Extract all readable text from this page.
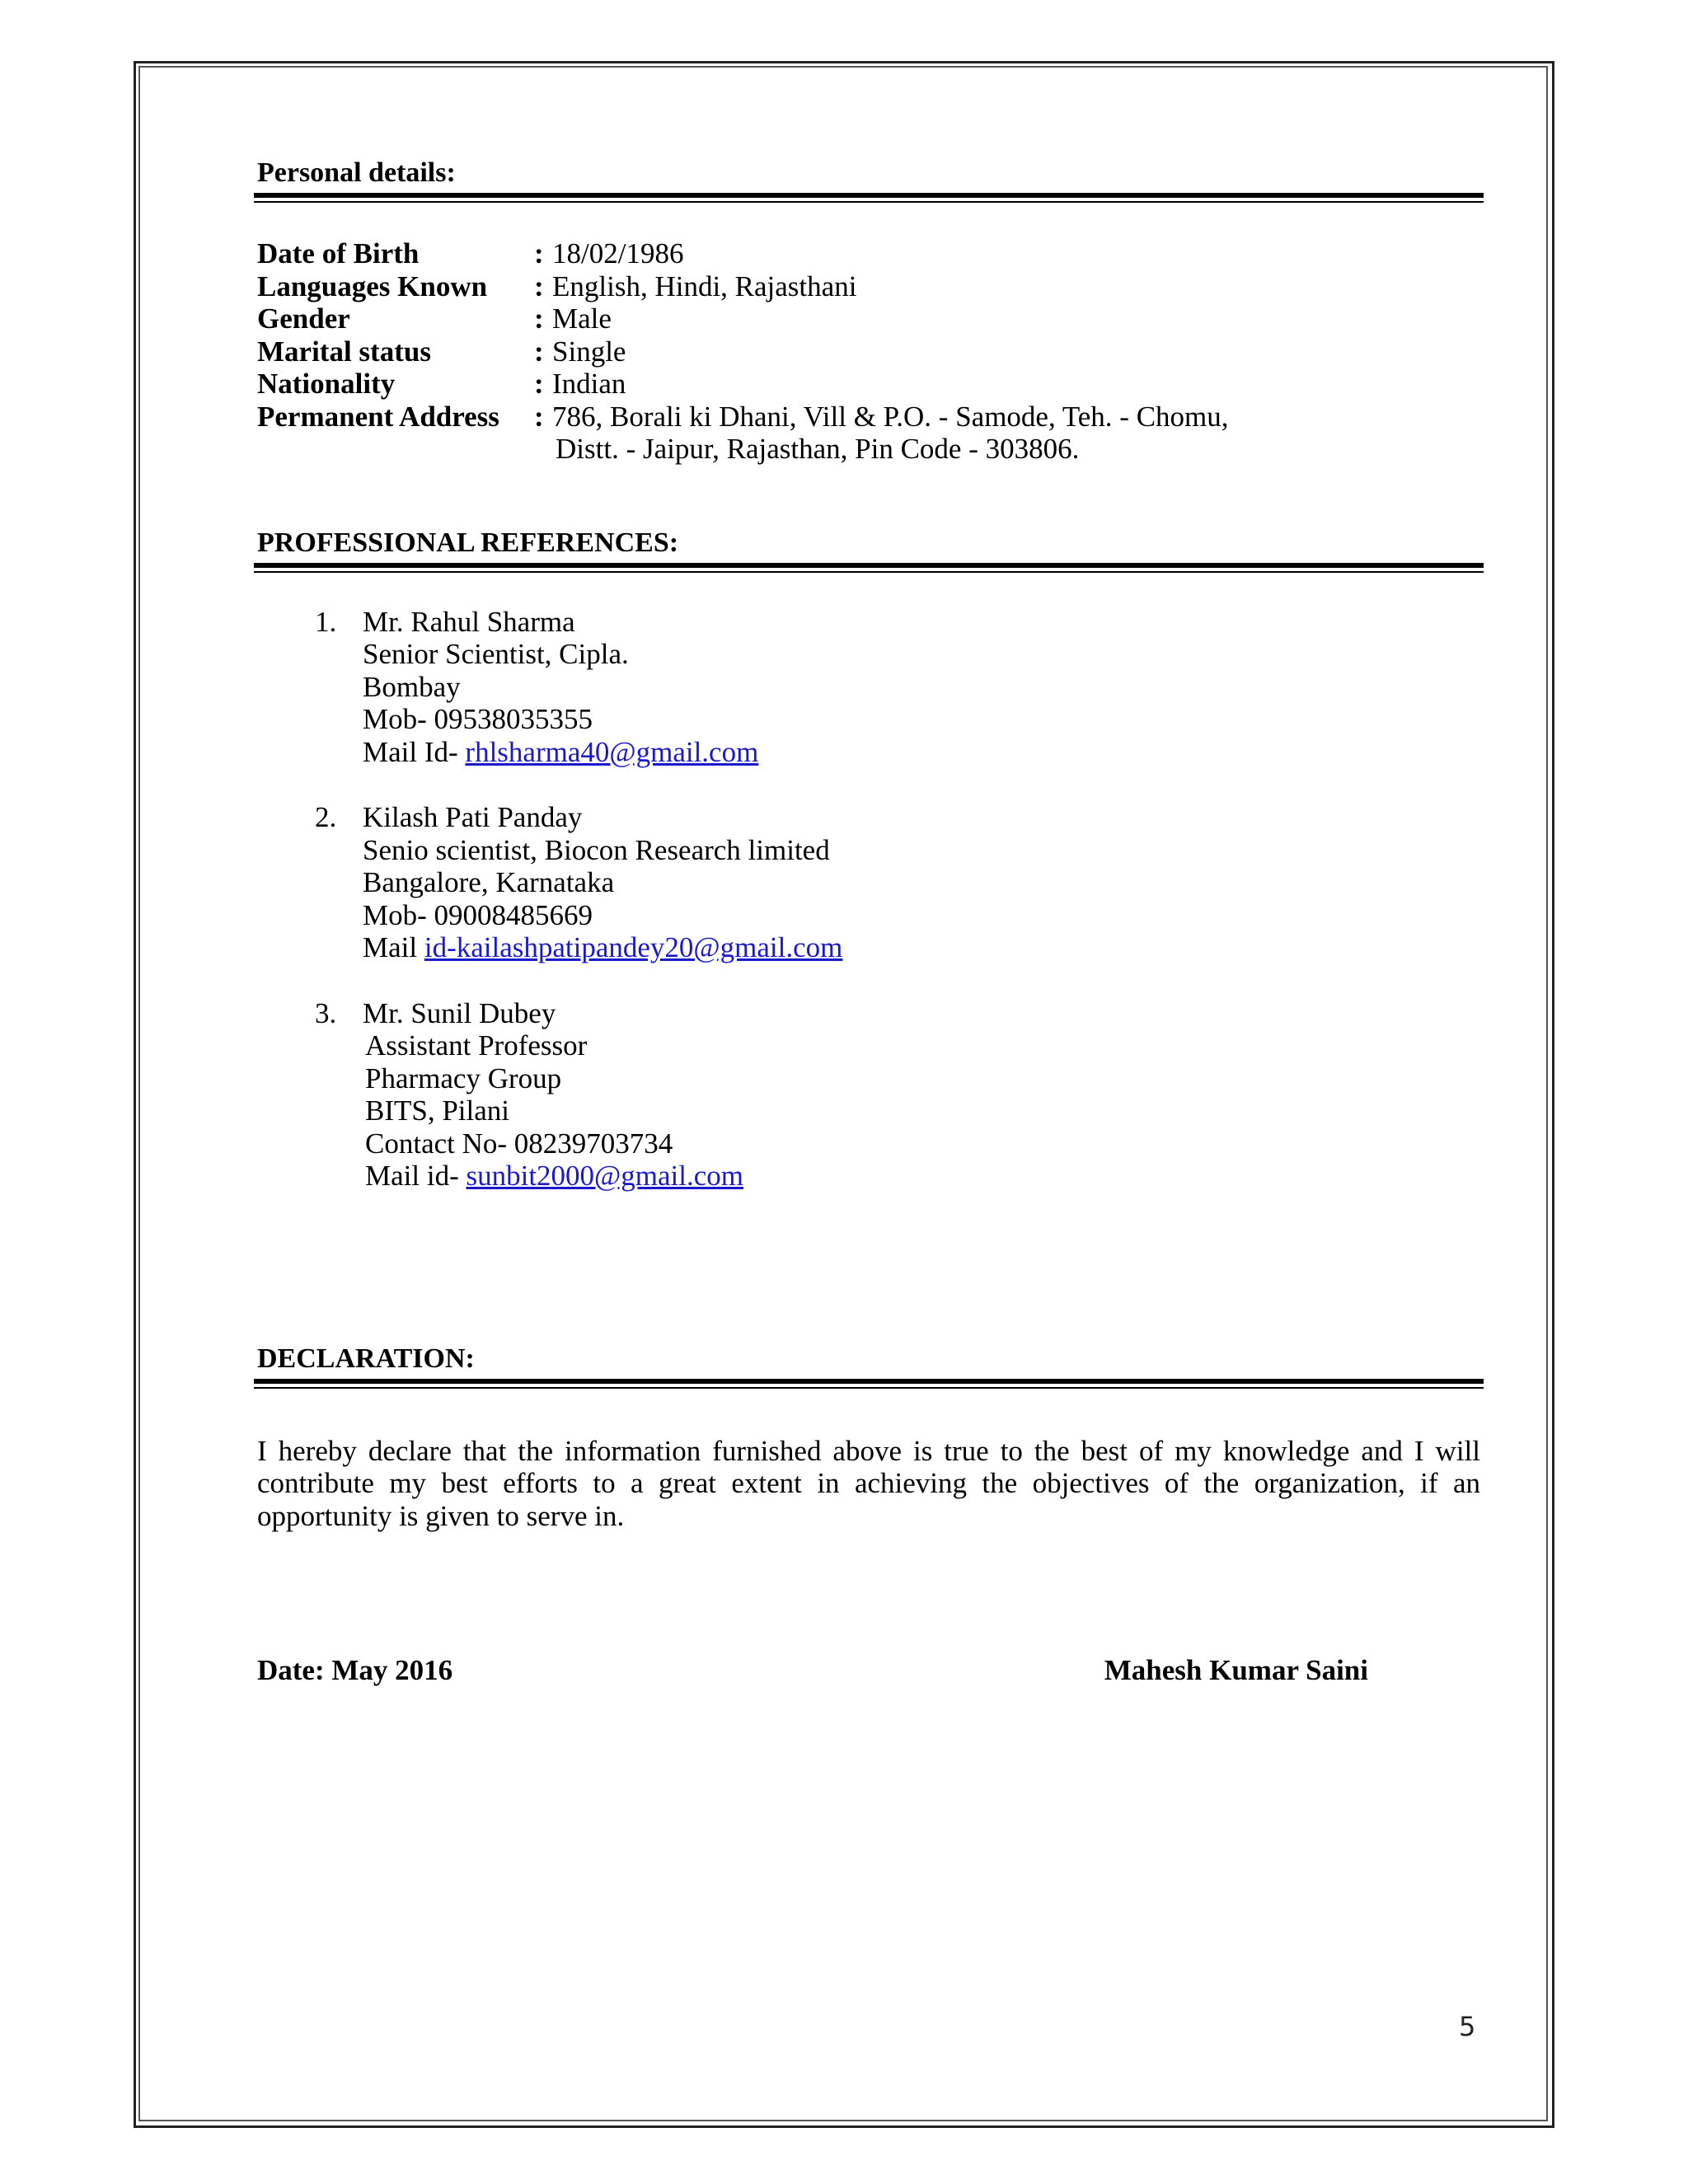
Personal details:
Date of Birth	: 18/02/1986
Languages Known	: English, Hindi, Rajasthani
Gender	: Male
Marital status	: Single
Nationality	: Indian
Permanent Address	: 786, Borali ki Dhani, Vill & P.O. - Samode, Teh. - Chomu,
Distt. - Jaipur, Rajasthan, Pin Code - 303806.
PROFESSIONAL REFERENCES:
1. Mr. Rahul Sharma
Senior Scientist, Cipla.
Bombay
Mob- 09538035355
Mail Id- rhlsharma40@gmail.com
2. Kilash Pati Panday
Senio scientist, Biocon Research limited
Bangalore, Karnataka
Mob- 09008485669
Mail id-kailashpatipandey20@gmail.com
3. Mr. Sunil Dubey
Assistant Professor
Pharmacy Group
BITS, Pilani
Contact No- 08239703734
Mail id- sunbit2000@gmail.com
DECLARATION:

I hereby declare that the information furnished above is true to the best of my knowledge and I will contribute my best efforts to a great extent in achieving the objectives of the organization, if an opportunity is given to serve in.

Date: May 2016	Mahesh Kumar Saini
5
